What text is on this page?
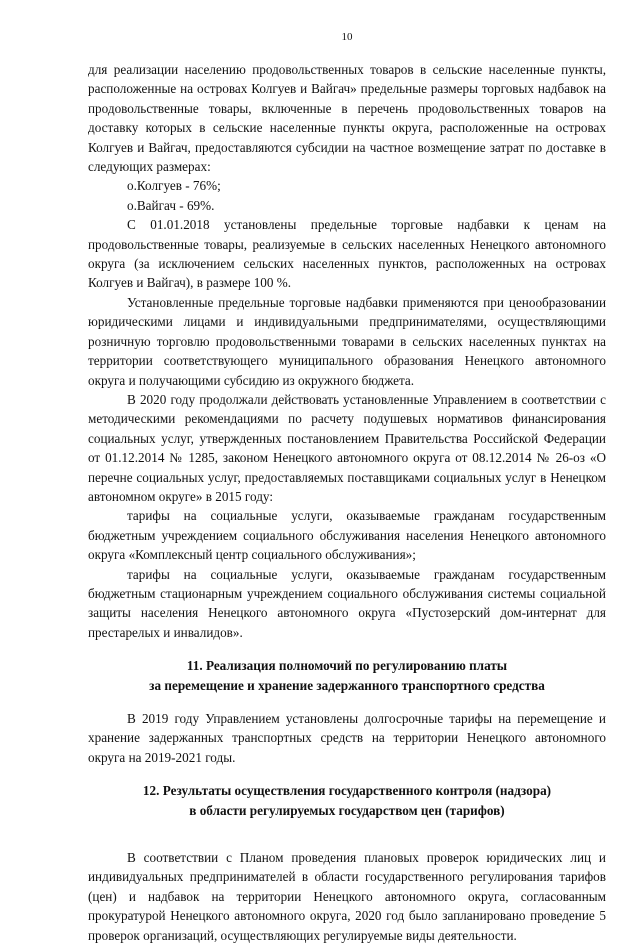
10

для реализации населению продовольственных товаров в сельские населенные пункты, расположенные на островах Колгуев и Вайгач» предельные размеры торговых надбавок на продовольственные товары, включенные в перечень продовольственных товаров на доставку которых в сельские населенные пункты округа, расположенные на островах Колгуев и Вайгач, предоставляются субсидии на частное возмещение затрат по доставке в следующих размерах:

о.Колгуев - 76%;

о.Вайгач - 69%.

С 01.01.2018 установлены предельные торговые надбавки к ценам на продовольственные товары, реализуемые в сельских населенных Ненецкого автономного округа (за исключением сельских населенных пунктов, расположенных на островах Колгуев и Вайгач), в размере 100 %.

Установленные предельные торговые надбавки применяются при ценообразовании юридическими лицами и индивидуальными предпринимателями, осуществляющими розничную торговлю продовольственными товарами в сельских населенных пунктах на территории соответствующего муниципального образования Ненецкого автономного округа и получающими субсидию из окружного бюджета.

В 2020 году продолжали действовать установленные Управлением в соответствии с методическими рекомендациями по расчету подушевых нормативов финансирования социальных услуг, утвержденных постановлением Правительства Российской Федерации от 01.12.2014 № 1285, законом Ненецкого автономного округа от 08.12.2014 № 26-оз «О перечне социальных услуг, предоставляемых поставщиками социальных услуг в Ненецком автономном округе» в 2015 году:

тарифы на социальные услуги, оказываемые гражданам государственным бюджетным учреждением социального обслуживания населения Ненецкого автономного округа «Комплексный центр социального обслуживания»;

тарифы на социальные услуги, оказываемые гражданам государственным бюджетным стационарным учреждением социального обслуживания системы социальной защиты населения Ненецкого автономного округа «Пустозерский дом-интернат для престарелых и инвалидов».

11. Реализация полномочий по регулированию платы
за перемещение и хранение задержанного транспортного средства

В 2019 году Управлением установлены долгосрочные тарифы на перемещение и хранение задержанных транспортных средств на территории Ненецкого автономного округа на 2019-2021 годы.

12. Результаты осуществления государственного контроля (надзора)
в области регулируемых государством цен (тарифов)

В соответствии с Планом проведения плановых проверок юридических лиц и индивидуальных предпринимателей в области государственного регулирования тарифов (цен) и надбавок на территории Ненецкого автономного округа, согласованным прокуратурой Ненецкого автономного округа, 2020 год было запланировано проведение 5 проверок организаций, осуществляющих регулируемые виды деятельности.
